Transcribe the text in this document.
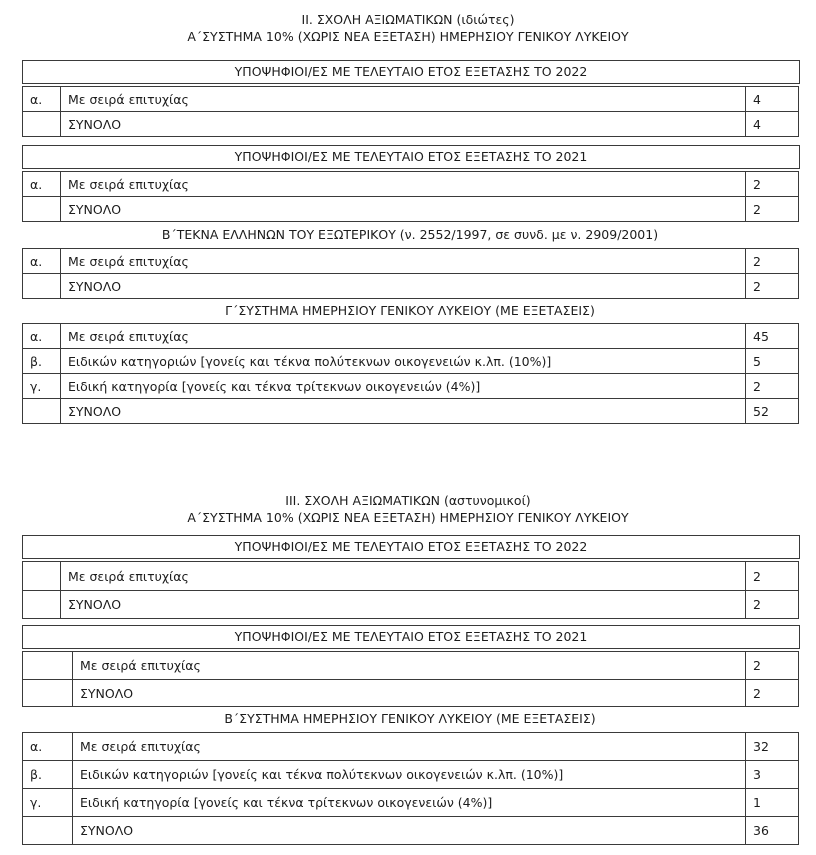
II. ΣΧΟΛΗ ΑΞΙΩΜΑΤΙΚΩΝ (ιδιώτες)
Α΄ΣΥΣΤΗΜΑ 10% (ΧΩΡΙΣ ΝΕΑ ΕΞΕΤΑΣΗ) ΗΜΕΡΗΣΙΟΥ ΓΕΝΙΚΟΥ ΛΥΚΕΙΟΥ
ΥΠΟΨΗΦΙΟΙ/ΕΣ ΜΕ ΤΕΛΕΥΤΑΙΟ ΕΤΟΣ ΕΞΕΤΑΣΗΣ ΤΟ 2022
α.	Με σειρά επιτυχίας	4
	ΣΥΝΟΛΟ	4
ΥΠΟΨΗΦΙΟΙ/ΕΣ ΜΕ ΤΕΛΕΥΤΑΙΟ ΕΤΟΣ ΕΞΕΤΑΣΗΣ ΤΟ 2021
α.	Με σειρά επιτυχίας	2
	ΣΥΝΟΛΟ	2
Β΄ΤΕΚΝΑ ΕΛΛΗΝΩΝ ΤΟΥ ΕΞΩΤΕΡΙΚΟΥ (ν. 2552/1997, σε συνδ. με ν. 2909/2001)
α.	Με σειρά επιτυχίας	2
	ΣΥΝΟΛΟ	2
Γ΄ΣΥΣΤΗΜΑ ΗΜΕΡΗΣΙΟΥ ΓΕΝΙΚΟΥ ΛΥΚΕΙΟΥ (ΜΕ ΕΞΕΤΑΣΕΙΣ)
α.	Με σειρά επιτυχίας	45
β.	Ειδικών κατηγοριών [γονείς και τέκνα πολύτεκνων οικογενειών κ.λπ. (10%)]	5
γ.	Ειδική κατηγορία [γονείς και τέκνα τρίτεκνων οικογενειών (4%)]	2
	ΣΥΝΟΛΟ	52
III. ΣΧΟΛΗ ΑΞΙΩΜΑΤΙΚΩΝ (αστυνομικοί)
Α΄ΣΥΣΤΗΜΑ 10% (ΧΩΡΙΣ ΝΕΑ ΕΞΕΤΑΣΗ) ΗΜΕΡΗΣΙΟΥ ΓΕΝΙΚΟΥ ΛΥΚΕΙΟΥ
ΥΠΟΨΗΦΙΟΙ/ΕΣ ΜΕ ΤΕΛΕΥΤΑΙΟ ΕΤΟΣ ΕΞΕΤΑΣΗΣ ΤΟ 2022
	Με σειρά επιτυχίας	2
	ΣΥΝΟΛΟ	2
ΥΠΟΨΗΦΙΟΙ/ΕΣ ΜΕ ΤΕΛΕΥΤΑΙΟ ΕΤΟΣ ΕΞΕΤΑΣΗΣ ΤΟ 2021
	Με σειρά επιτυχίας	2
	ΣΥΝΟΛΟ	2
Β΄ΣΥΣΤΗΜΑ ΗΜΕΡΗΣΙΟΥ ΓΕΝΙΚΟΥ ΛΥΚΕΙΟΥ (ΜΕ ΕΞΕΤΑΣΕΙΣ)
α.	Με σειρά επιτυχίας	32
β.	Ειδικών κατηγοριών [γονείς και τέκνα πολύτεκνων οικογενειών κ.λπ. (10%)]	3
γ.	Ειδική κατηγορία [γονείς και τέκνα τρίτεκνων οικογενειών (4%)]	1
	ΣΥΝΟΛΟ	36
